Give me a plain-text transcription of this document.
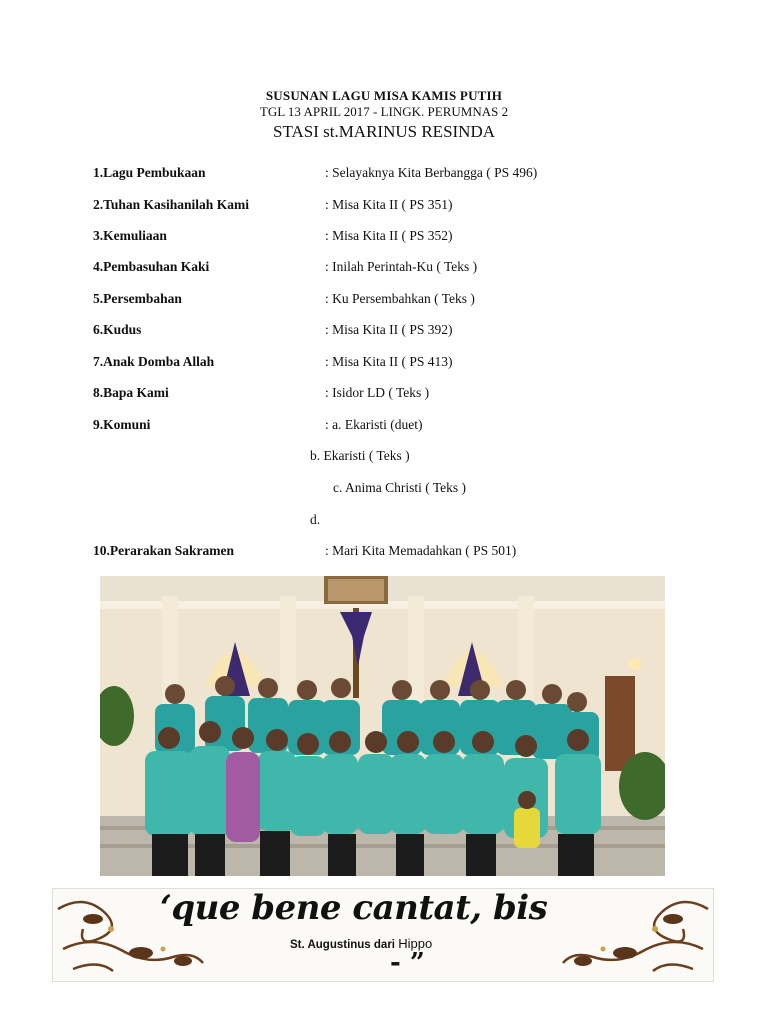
SUSUNAN LAGU MISA KAMIS PUTIH
TGL 13 APRIL 2017 - LINGK. PERUMNAS 2
STASI st.MARINUS RESINDA
1.Lagu Pembukaan	: Selayaknya Kita Berbangga ( PS 496)
2.Tuhan Kasihanilah Kami	: Misa Kita II ( PS 351)
3.Kemuliaan	: Misa Kita II ( PS 352)
4.Pembasuhan Kaki	: Inilah Perintah-Ku ( Teks )
5.Persembahan	: Ku Persembahkan ( Teks )
6.Kudus	: Misa Kita II ( PS 392)
7.Anak Domba Allah	: Misa Kita II ( PS 413)
8.Bapa Kami	: Isidor LD ( Teks )
9.Komuni	: a. Ekaristi (duet)
b. Ekaristi ( Teks )
c. Anima Christi ( Teks )
d.
10.Perarakan Sakramen	: Mari Kita Memadahkan ( PS 501)
‘que bene cantat, bis
St. Augustinus dari Hippo
- ”
